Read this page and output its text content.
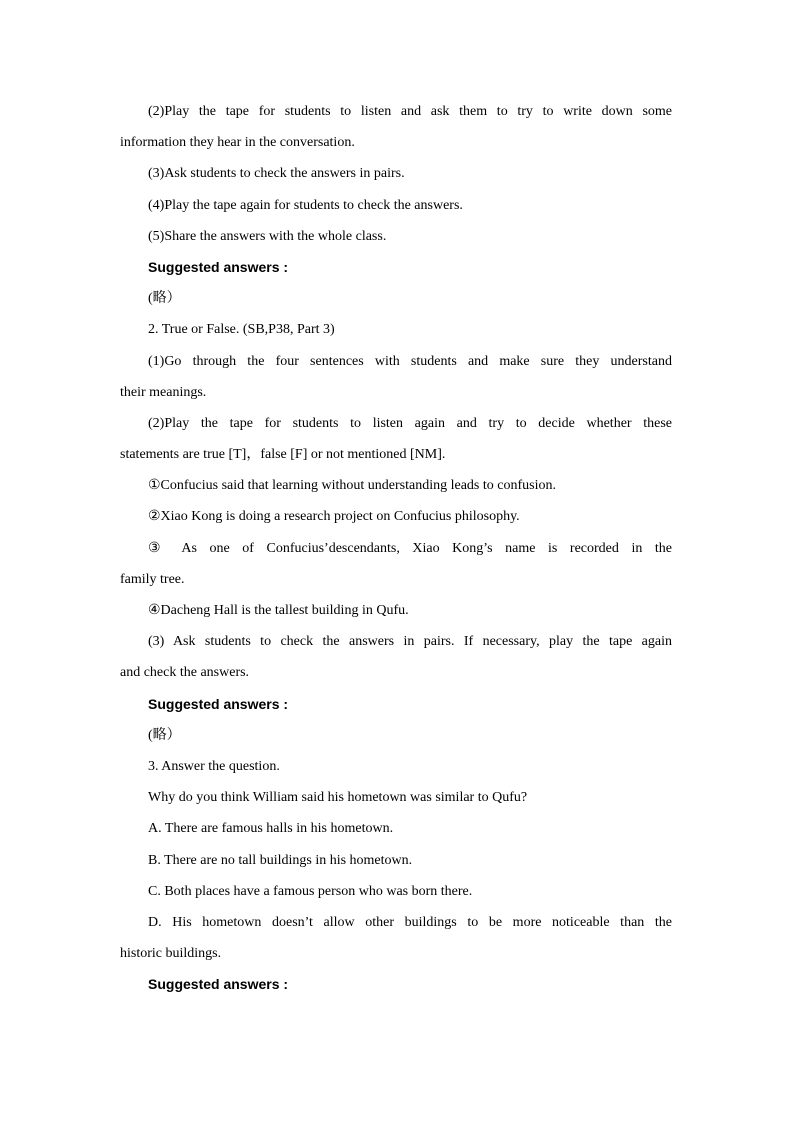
(2)Play the tape for students to listen and ask them to try to write down some
information they hear in the conversation.
(3)Ask students to check the answers in pairs.
(4)Play the tape again for students to check the answers.
(5)Share the answers with the whole class.
Suggested answers :
(略）
2. True or False. (SB,P38, Part 3)
(1)Go through the four sentences with students and make sure they understand
their meanings.
(2)Play the tape for students to listen again and try to decide whether these
statements are true [T]，false [F] or not mentioned [NM].
①Confucius said that learning without understanding leads to confusion.
②Xiao Kong is doing a research project on Confucius philosophy.
③ As one of Confucius’descendants, Xiao Kong’s name is recorded in the
family tree.
④Dacheng Hall is the tallest building in Qufu.
(3) Ask students to check the answers in pairs. If necessary, play the tape again
and check the answers.
Suggested answers :
(略）
3. Answer the question.
Why do you think William said his hometown was similar to Qufu?
A. There are famous halls in his hometown.
B. There are no tall buildings in his hometown.
C. Both places have a famous person who was born there.
D. His hometown doesn’t allow other buildings to be more noticeable than the
historic buildings.
Suggested answers :
